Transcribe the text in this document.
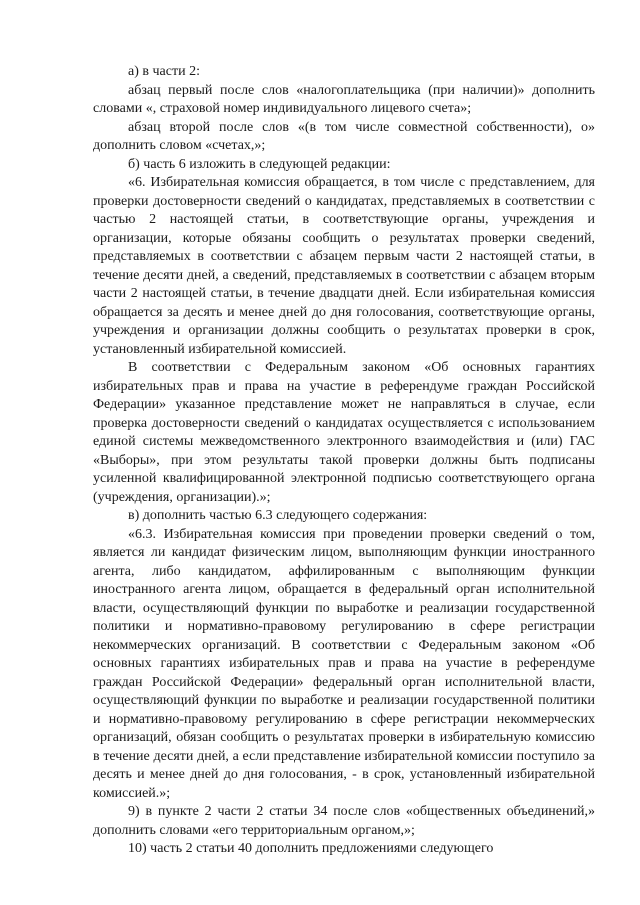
а) в части 2:

абзац первый после слов «налогоплательщика (при наличии)» дополнить словами «, страховой номер индивидуального лицевого счета»;

абзац второй после слов «(в том числе совместной собственности), о» дополнить словом «счетах,»;

б) часть 6 изложить в следующей редакции:

«6. Избирательная комиссия обращается, в том числе с представлением, для проверки достоверности сведений о кандидатах, представляемых в соответствии с частью 2 настоящей статьи, в соответствующие органы, учреждения и организации, которые обязаны сообщить о результатах проверки сведений, представляемых в соответствии с абзацем первым части 2 настоящей статьи, в течение десяти дней, а сведений, представляемых в соответствии с абзацем вторым части 2 настоящей статьи, в течение двадцати дней. Если избирательная комиссия обращается за десять и менее дней до дня голосования, соответствующие органы, учреждения и организации должны сообщить о результатах проверки в срок, установленный избирательной комиссией.

В соответствии с Федеральным законом «Об основных гарантиях избирательных прав и права на участие в референдуме граждан Российской Федерации» указанное представление может не направляться в случае, если проверка достоверности сведений о кандидатах осуществляется с использованием единой системы межведомственного электронного взаимодействия и (или) ГАС «Выборы», при этом результаты такой проверки должны быть подписаны усиленной квалифицированной электронной подписью соответствующего органа (учреждения, организации).»;

в) дополнить частью 6.3 следующего содержания:

«6.3. Избирательная комиссия при проведении проверки сведений о том, является ли кандидат физическим лицом, выполняющим функции иностранного агента, либо кандидатом, аффилированным с выполняющим функции иностранного агента лицом, обращается в федеральный орган исполнительной власти, осуществляющий функции по выработке и реализации государственной политики и нормативно-правовому регулированию в сфере регистрации некоммерческих организаций. В соответствии с Федеральным законом «Об основных гарантиях избирательных прав и права на участие в референдуме граждан Российской Федерации» федеральный орган исполнительной власти, осуществляющий функции по выработке и реализации государственной политики и нормативно-правовому регулированию в сфере регистрации некоммерческих организаций, обязан сообщить о результатах проверки в избирательную комиссию в течение десяти дней, а если представление избирательной комиссии поступило за десять и менее дней до дня голосования, - в срок, установленный избирательной комиссией.»;

9) в пункте 2 части 2 статьи 34 после слов «общественных объединений,» дополнить словами «его территориальным органом,»;

10) часть 2 статьи 40 дополнить предложениями следующего
